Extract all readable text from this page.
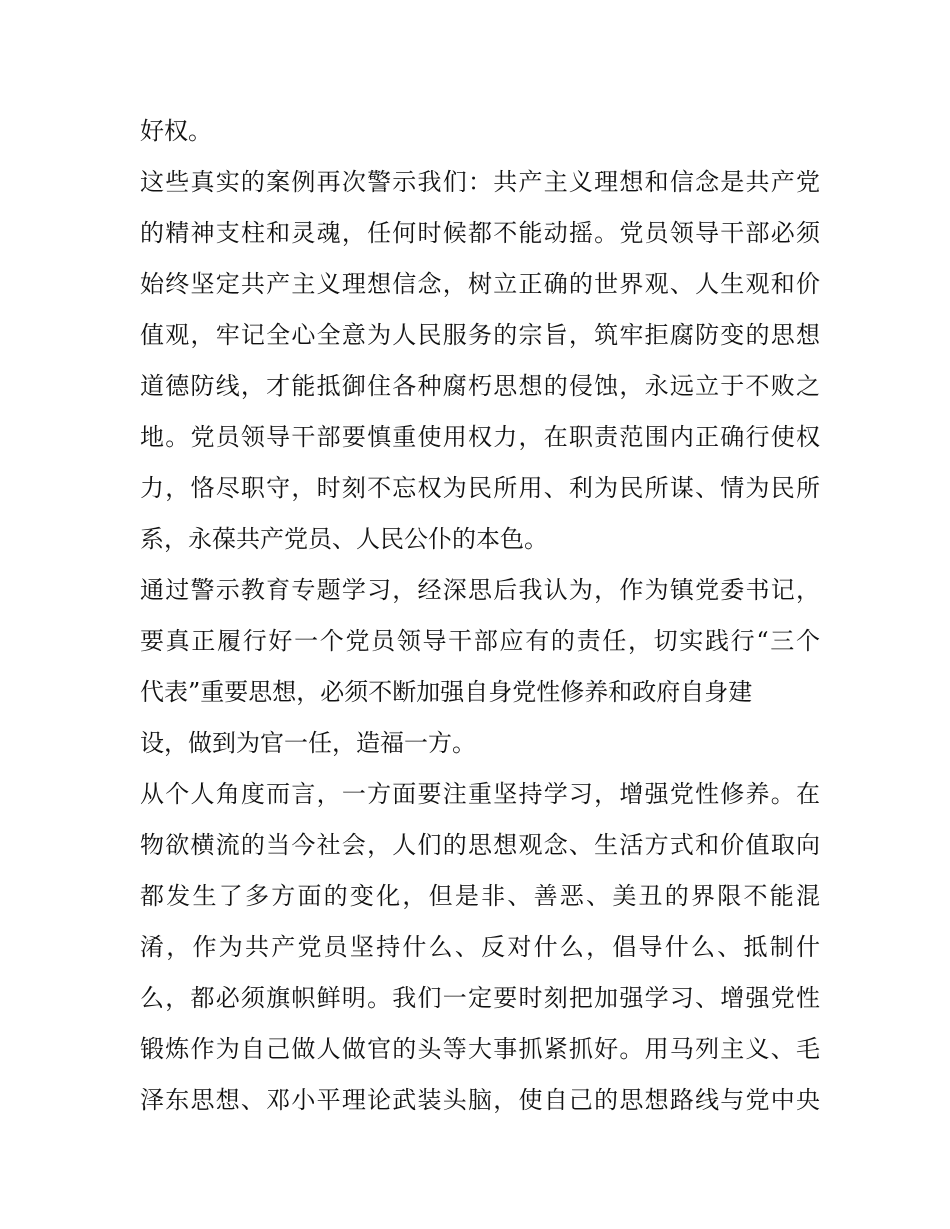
好权。
这些真实的案例再次警示我们：共产主义理想和信念是共产党
的精神支柱和灵魂，任何时候都不能动摇。党员领导干部必须
始终坚定共产主义理想信念，树立正确的世界观、人生观和价
值观，牢记全心全意为人民服务的宗旨，筑牢拒腐防变的思想
道德防线，才能抵御住各种腐朽思想的侵蚀，永远立于不败之
地。党员领导干部要慎重使用权力，在职责范围内正确行使权
力，恪尽职守，时刻不忘权为民所用、利为民所谋、情为民所
系，永葆共产党员、人民公仆的本色。
通过警示教育专题学习，经深思后我认为，作为镇党委书记，
要真正履行好一个党员领导干部应有的责任，切实践行“三个
代表”重要思想，必须不断加强自身党性修养和政府自身建
设，做到为官一任，造福一方。
从个人角度而言，一方面要注重坚持学习，增强党性修养。在
物欲横流的当今社会，人们的思想观念、生活方式和价值取向
都发生了多方面的变化，但是非、善恶、美丑的界限不能混
淆，作为共产党员坚持什么、反对什么，倡导什么、抵制什
么，都必须旗帜鲜明。我们一定要时刻把加强学习、增强党性
锻炼作为自己做人做官的头等大事抓紧抓好。用马列主义、毛
泽东思想、邓小平理论武装头脑，使自己的思想路线与党中央
